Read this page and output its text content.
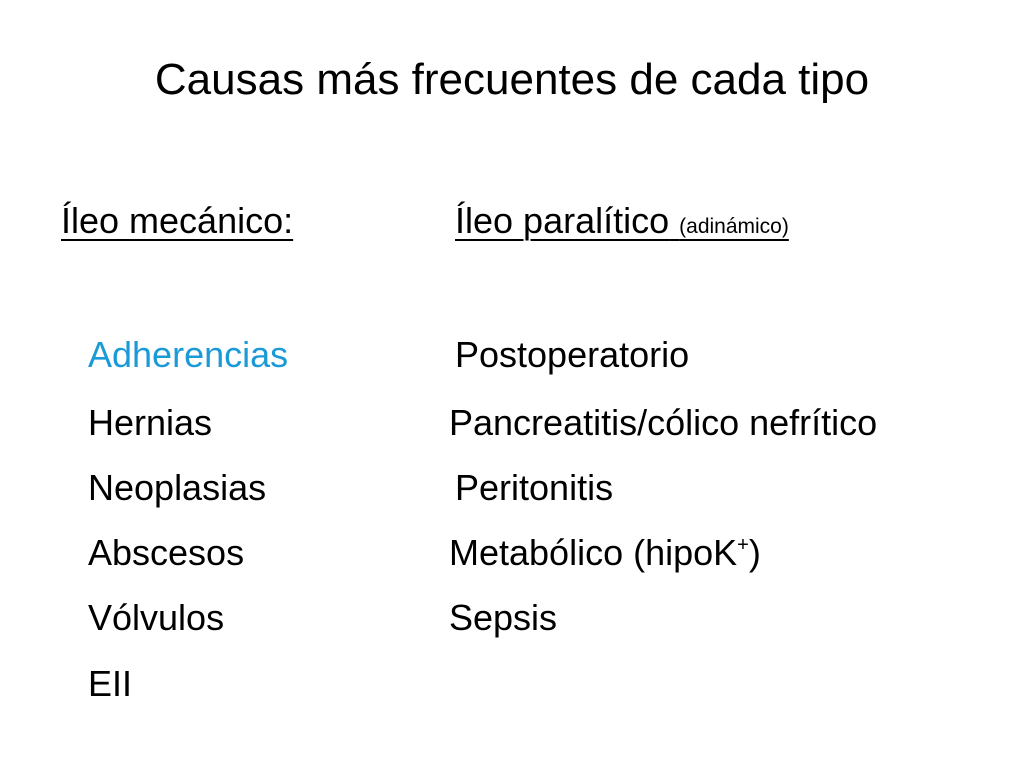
Causas más frecuentes de cada tipo
Íleo mecánico:	Íleo paralítico (adinámico)
Adherencias
Hernias
Neoplasias
Abscesos
Vólvulos
EII
Postoperatorio
Pancreatitis/cólico nefrítico
Peritonitis
Metabólico (hipoK+)
Sepsis
